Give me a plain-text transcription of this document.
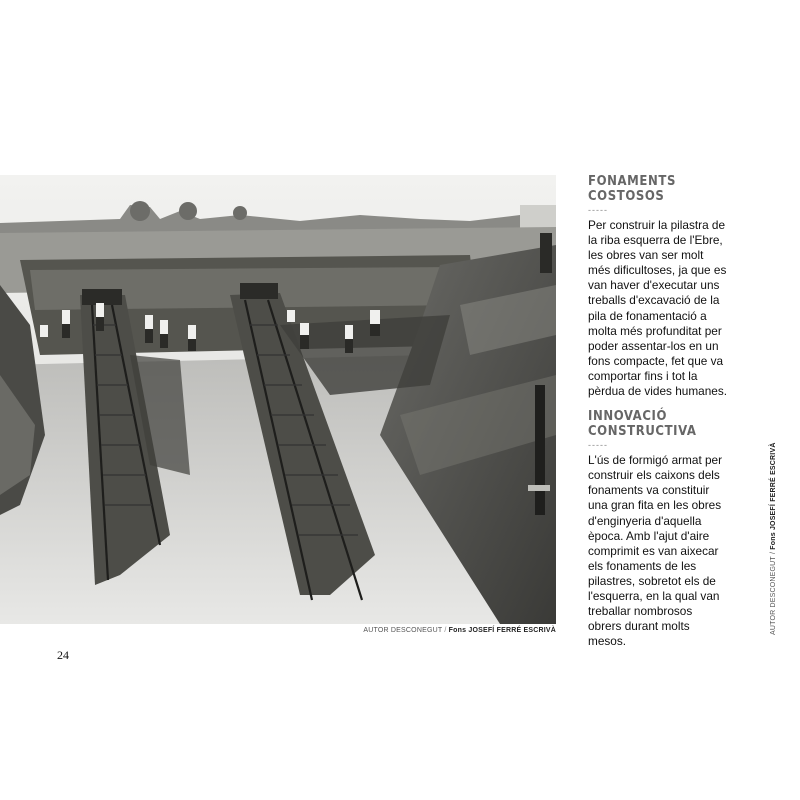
AUTOR DESCONEGUT / Fons JOSEFÍ FERRÉ ESCRIVÀ
FONAMENTS COSTOSOS
-----

Per construir la pilastra de la riba esquerra de l'Ebre, les obres van ser molt més dificultoses, ja que es van haver d'executar uns treballs d'excavació de la pila de fonamentació a molta més profunditat per poder assentar-los en un fons compacte, fet que va comportar fins i tot la pèrdua de vides humanes.

INNOVACIÓ CONSTRUCTIVA
-----

L'ús de formigó armat per construir els caixons dels fonaments va constituir una gran fita en les obres d'enginyeria d'aquella època. Amb l'ajut d'aire comprimit es van aixecar els fonaments de les pilastres, sobretot els de l'esquerra, en la qual van treballar nombrosos obrers durant molts mesos.

24
AUTOR DESCONEGUT / Fons JOSEFÍ FERRÉ ESCRIVÀ
